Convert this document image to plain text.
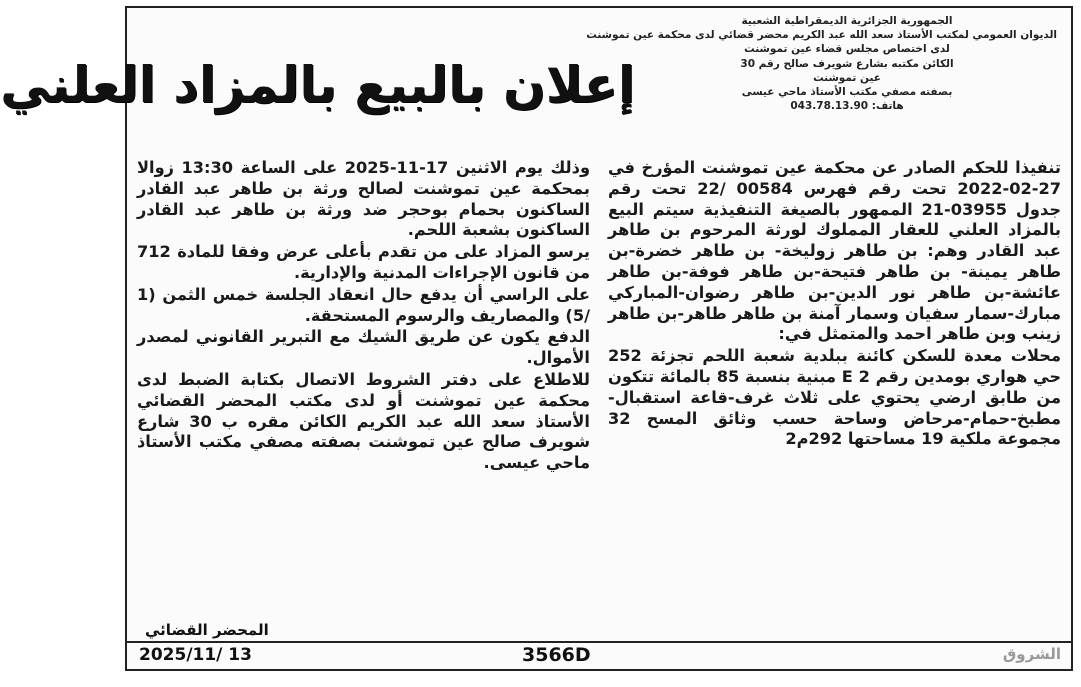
الجمهورية الجزائرية الديمقراطية الشعبية
الديوان العمومي لمكتب الأستاذ سعد الله عبد الكريم محضر قضائي لدى محكمة عين تموشنت
لدى اختصاص مجلس قضاء عين تموشنت
الكائن مكتبه بشارع شويرف صالح رقم 30
عين تموشنت
بصفته مصفي مكتب الأستاذ ماحي عيسى
هاتف: 043.78.13.90
إعلان بالبيع بالمزاد العلني

تنفيذا للحكم الصادر عن محكمة عين تموشنت المؤرخ في 27-02-2022 تحت رقم فهرس 00584 /22 تحت رقم جدول 03955-21 الممهور بالصيغة التنفيذية سيتم البيع بالمزاد العلني للعقار المملوك لورثة المرحوم بن طاهر عبد القادر وهم: بن طاهر زوليخة- بن طاهر خضرة-بن طاهر يمينة- بن طاهر فتيحة-بن طاهر فوفة-بن طاهر عائشة-بن طاهر نور الدين-بن طاهر رضوان-المباركي مبارك-سمار سفيان وسمار آمنة بن طاهر طاهر-بن طاهر زينب وبن طاهر احمد والمتمثل في:

محلات معدة للسكن كائنة ببلدية شعبة اللحم تجزئة 252 حي هواري بومدين رقم 2 E مبنية بنسبة 85 بالمائة تتكون من طابق ارضي يحتوي على ثلاث غرف-قاعة استقبال-مطبخ-حمام-مرحاض وساحة حسب وثائق المسح 32 مجموعة ملكية 19 مساحتها 292م2

وذلك يوم الاثنين 17-11-2025 على الساعة 13:30 زوالا بمحكمة عين تموشنت لصالح ورثة بن طاهر عبد القادر الساكنون بحمام بوحجر ضد ورثة بن طاهر عبد القادر الساكنون بشعبة اللحم.

يرسو المزاد على من تقدم بأعلى عرض وفقا للمادة 712 من قانون الإجراءات المدنية والإدارية.

على الراسي أن يدفع حال انعقاد الجلسة خمس الثمن (1 /5) والمصاريف والرسوم المستحقة.

الدفع يكون عن طريق الشيك مع التبرير القانوني لمصدر الأموال.

للاطلاع على دفتر الشروط الاتصال بكتابة الضبط لدى محكمة عين تموشنت أو لدى مكتب المحضر القضائي الأستاذ سعد الله عبد الكريم الكائن مقره ب 30 شارع شويرف صالح عين تموشنت بصفته مصفي مكتب الأستاذ ماحي عيسى.

المحضر القضائي
الشروق
3566D
2025/11/ 13
